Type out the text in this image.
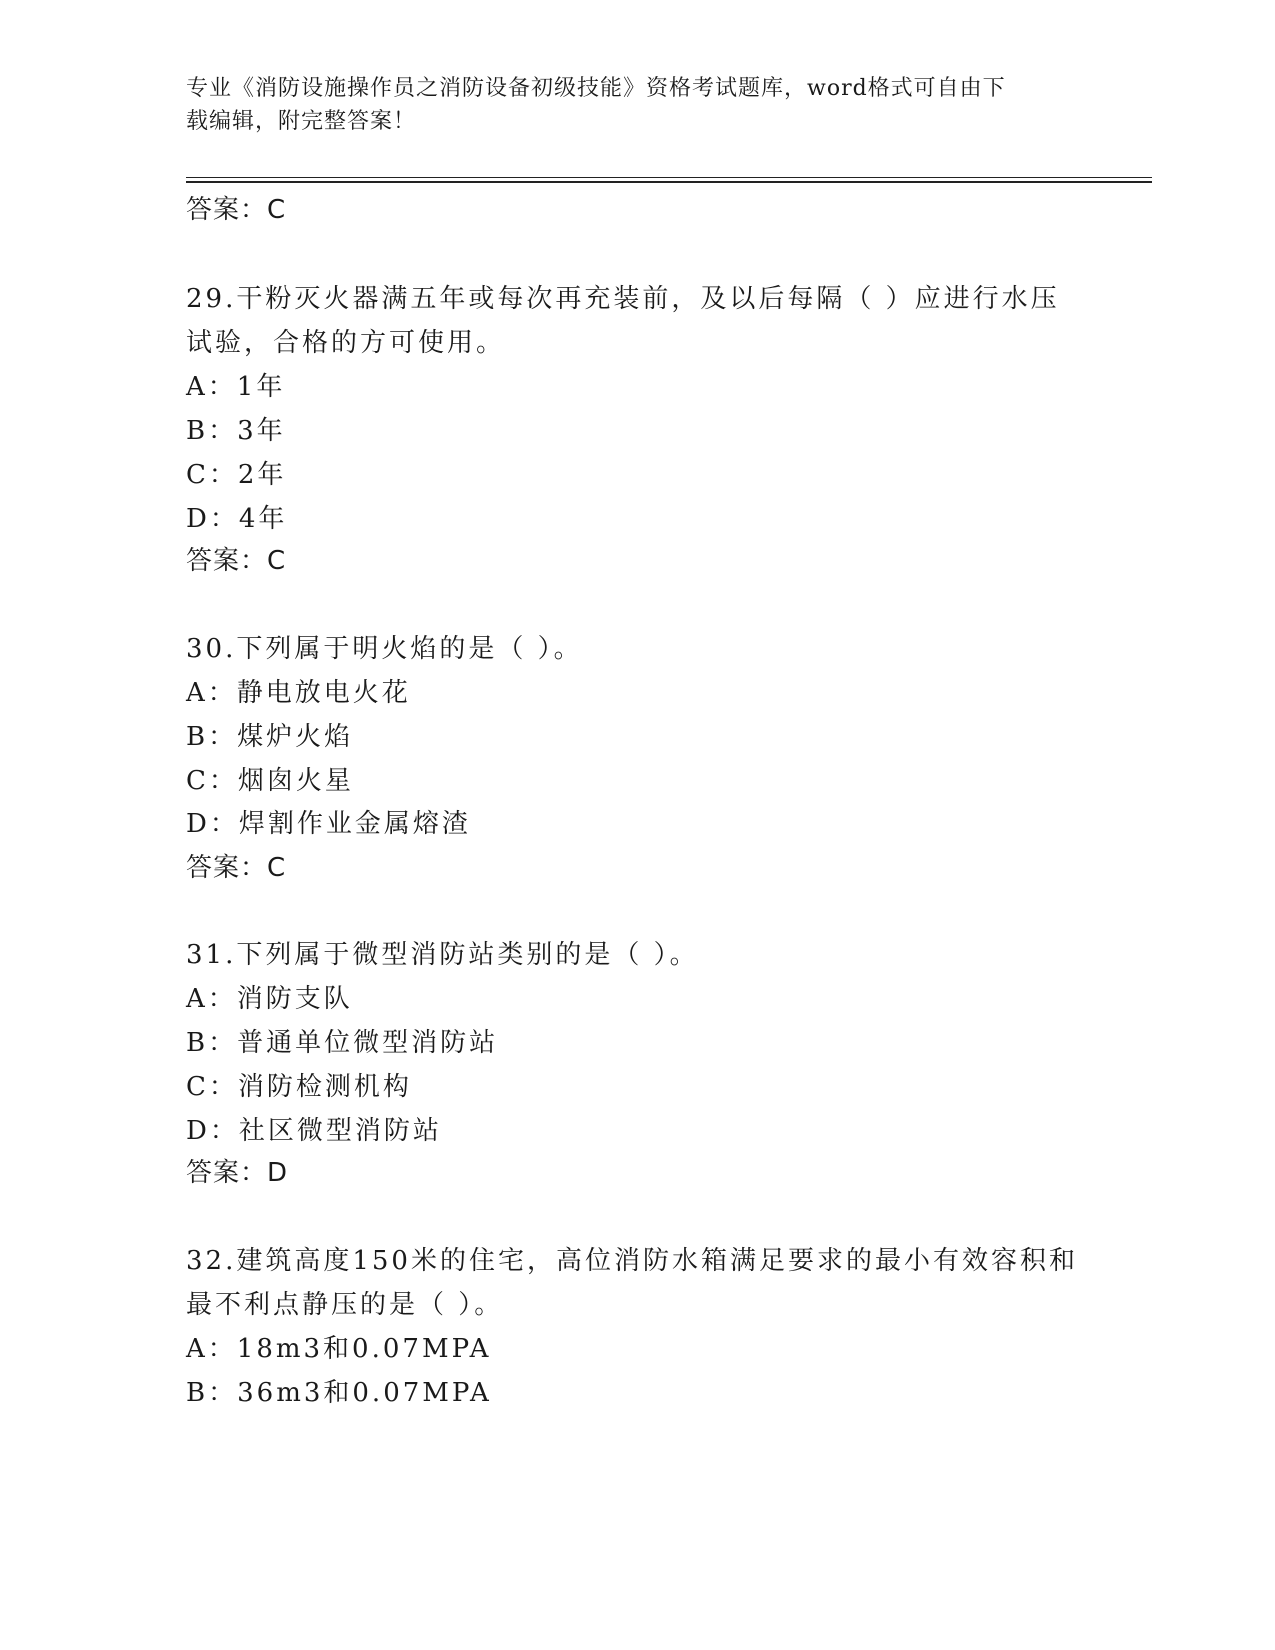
专业《消防设施操作员之消防设备初级技能》资格考试题库，word格式可自由下
载编辑，附完整答案！
答案：C
29.干粉灭火器满五年或每次再充装前，及以后每隔（ ）应进行水压
试验，合格的方可使用。
A：1年
B：3年
C：2年
D：4年
答案：C
30.下列属于明火焰的是（ ）。
A：静电放电火花
B：煤炉火焰
C：烟囱火星
D：焊割作业金属熔渣
答案：C
31.下列属于微型消防站类别的是（ ）。
A：消防支队
B：普通单位微型消防站
C：消防检测机构
D：社区微型消防站
答案：D
32.建筑高度150米的住宅，高位消防水箱满足要求的最小有效容积和
最不利点静压的是（ ）。
A：18m3和0.07MPA
B：36m3和0.07MPA
